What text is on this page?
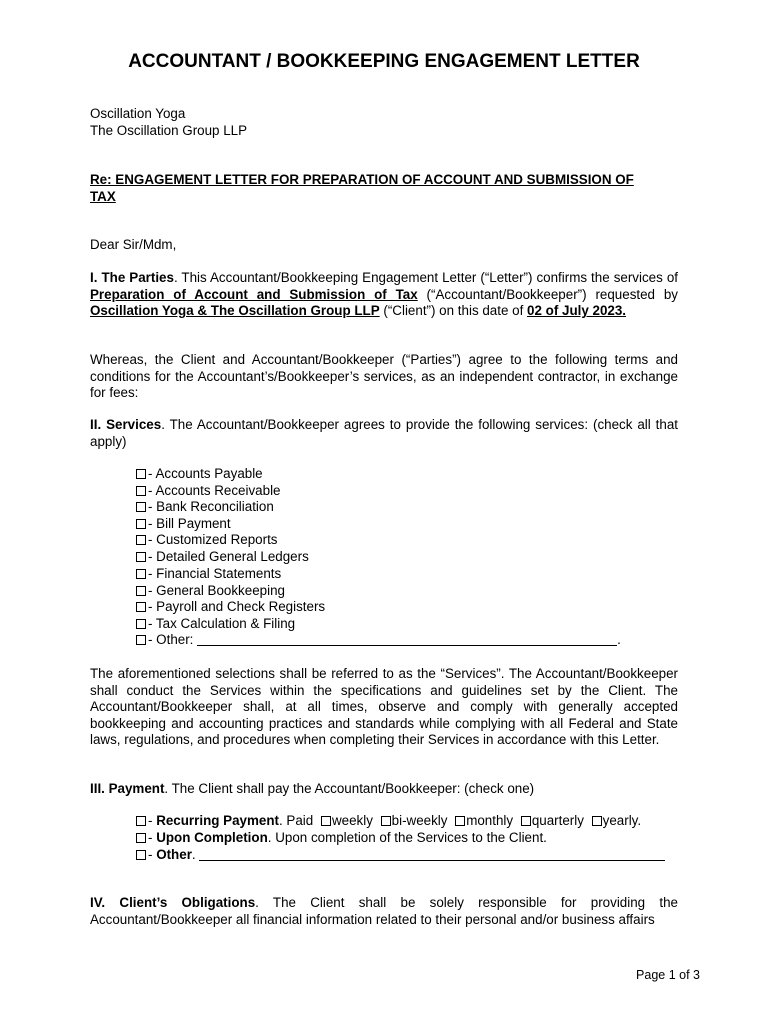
ACCOUNTANT / BOOKKEEPING ENGAGEMENT LETTER
Oscillation Yoga
The Oscillation Group LLP
Re: ENGAGEMENT LETTER FOR PREPARATION OF ACCOUNT AND SUBMISSION OF TAX
Dear Sir/Mdm,
I. The Parties. This Accountant/Bookkeeping Engagement Letter (“Letter”) confirms the services of Preparation of Account and Submission of Tax (“Accountant/Bookkeeper”) requested by Oscillation Yoga & The Oscillation Group LLP (“Client”) on this date of 02 of July 2023.
Whereas, the Client and Accountant/Bookkeeper (“Parties”) agree to the following terms and conditions for the Accountant’s/Bookkeeper’s services, as an independent contractor, in exchange for fees:
II. Services. The Accountant/Bookkeeper agrees to provide the following services: (check all that apply)
- Accounts Payable
- Accounts Receivable
- Bank Reconciliation
- Bill Payment
- Customized Reports
- Detailed General Ledgers
- Financial Statements
- General Bookkeeping
- Payroll and Check Registers
- Tax Calculation & Filing
- Other:	.
The aforementioned selections shall be referred to as the “Services”. The Accountant/Bookkeeper shall conduct the Services within the specifications and guidelines set by the Client. The Accountant/Bookkeeper shall, at all times, observe and comply with generally accepted bookkeeping and accounting practices and standards while complying with all Federal and State laws, regulations, and procedures when completing their Services in accordance with this Letter.
III. Payment. The Client shall pay the Accountant/Bookkeeper: (check one)
- Recurring Payment. Paid weekly bi-weekly monthly quarterly yearly.
- Upon Completion. Upon completion of the Services to the Client.
- Other.
IV. Client’s Obligations. The Client shall be solely responsible for providing the Accountant/Bookkeeper all financial information related to their personal and/or business affairs
Page 1 of 3
